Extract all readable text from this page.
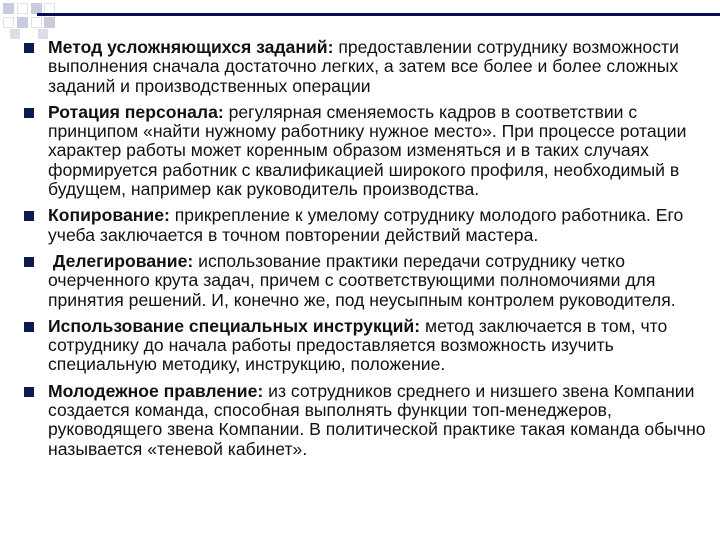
Метод усложняющихся заданий: предоставлении сотруднику возможности выполнения сначала достаточно легких, а затем все более и более сложных заданий и производственных операции
Ротация персонала: регулярная сменяемость кадров в соответствии с принципом «найти нужному работнику нужное место». При процессе ротации характер работы может коренным образом изменяться и в таких случаях формируется работник с квалификацией широкого профиля, необходимый в будущем, например как руководитель производства.
Копирование: прикрепление к умелому сотруднику молодого работника. Его учеба заключается в точном повторении действий мастера.
Делегирование: использование практики передачи сотруднику четко очерченного крута задач, причем с соответствующими полномочиями для принятия решений. И, конечно же, под неусыпным контролем руководителя.
Использование специальных инструкций: метод заключается в том, что сотруднику до начала работы предоставляется возможность изучить специальную методику, инструкцию, положение.
Молодежное правление: из сотрудников среднего и низшего звена Компании создается команда, способная выполнять функции топ-менеджеров, руководящего звена Компании. В политической практике такая команда обычно называется «теневой кабинет».
